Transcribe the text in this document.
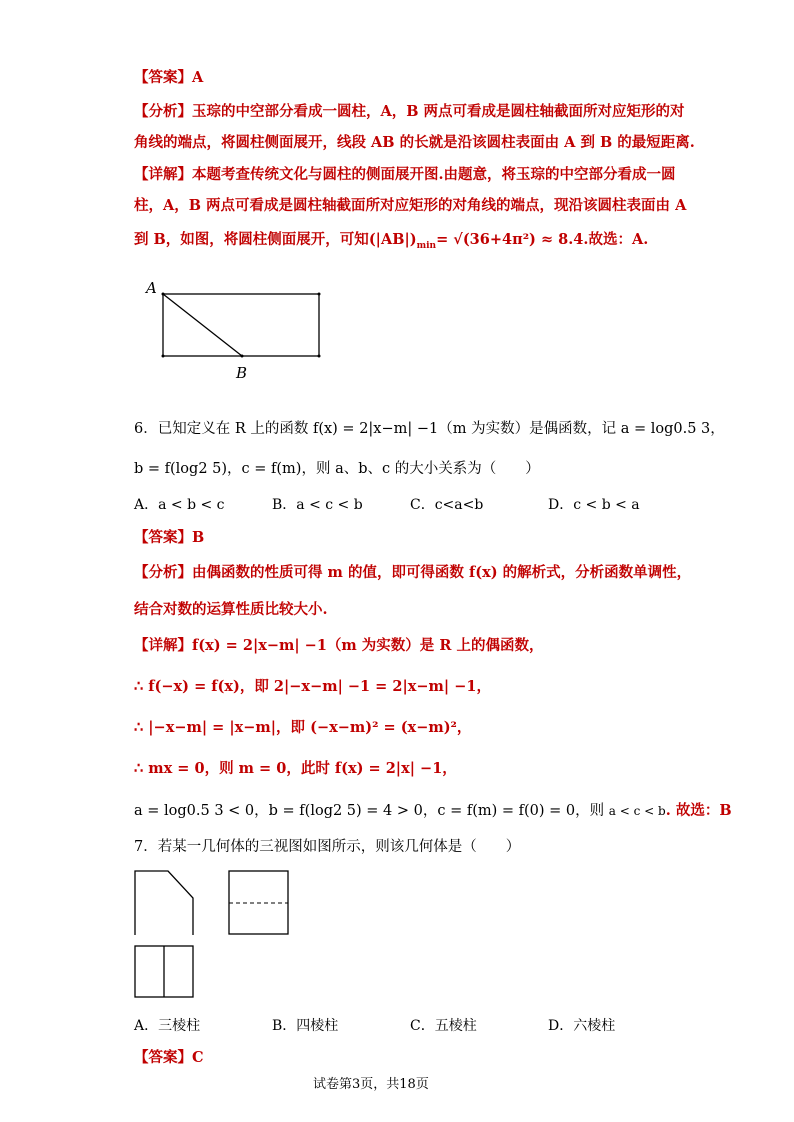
【答案】A
【分析】玉琮的中空部分看成一圆柱，A，B 两点可看成是圆柱轴截面所对应矩形的对
角线的端点，将圆柱侧面展开，线段 AB 的长就是沿该圆柱表面由 A 到 B 的最短距离.
【详解】本题考查传统文化与圆柱的侧面展开图.由题意，将玉琮的中空部分看成一圆
柱，A，B 两点可看成是圆柱轴截面所对应矩形的对角线的端点，现沿该圆柱表面由 A
到 B，如图，将圆柱侧面展开，可知$(|AB|)_{min}= √(36+4\pi^2) \approx 8.4$.故选：A.
A
B
6．已知定义在 R 上的函数 f(x) = 2|x−m| −1（m 为实数）是偶函数，记 a = log0.5 3，
b = f(log2 5)，c = f(m)，则 a、b、c 的大小关系为（　　）
A．a < b < c	B．a < c < b	C．c<a<b	D．c < b < a
【答案】B
【分析】由偶函数的性质可得 m 的值，即可得函数 f(x) 的解析式，分析函数单调性，
结合对数的运算性质比较大小.
【详解】f(x) = 2|x−m| −1（m 为实数）是 R 上的偶函数，
∴ f(−x) = f(x)，即 2|−x−m| −1 = 2|x−m| −1，
∴ |−x−m| = |x−m|，即 (−x−m)² = (x−m)²，
∴ mx = 0，则 m = 0，此时 f(x) = 2|x| −1，
a = log0.5 3 < 0，b = f(log2 5) = 4 > 0，c = f(m) = f(0) = 0，则 a < c < b. 故选：B
7．若某一几何体的三视图如图所示，则该几何体是（　　）
A．三棱柱	B．四棱柱	C．五棱柱	D．六棱柱
【答案】C
试卷第3页，共18页
